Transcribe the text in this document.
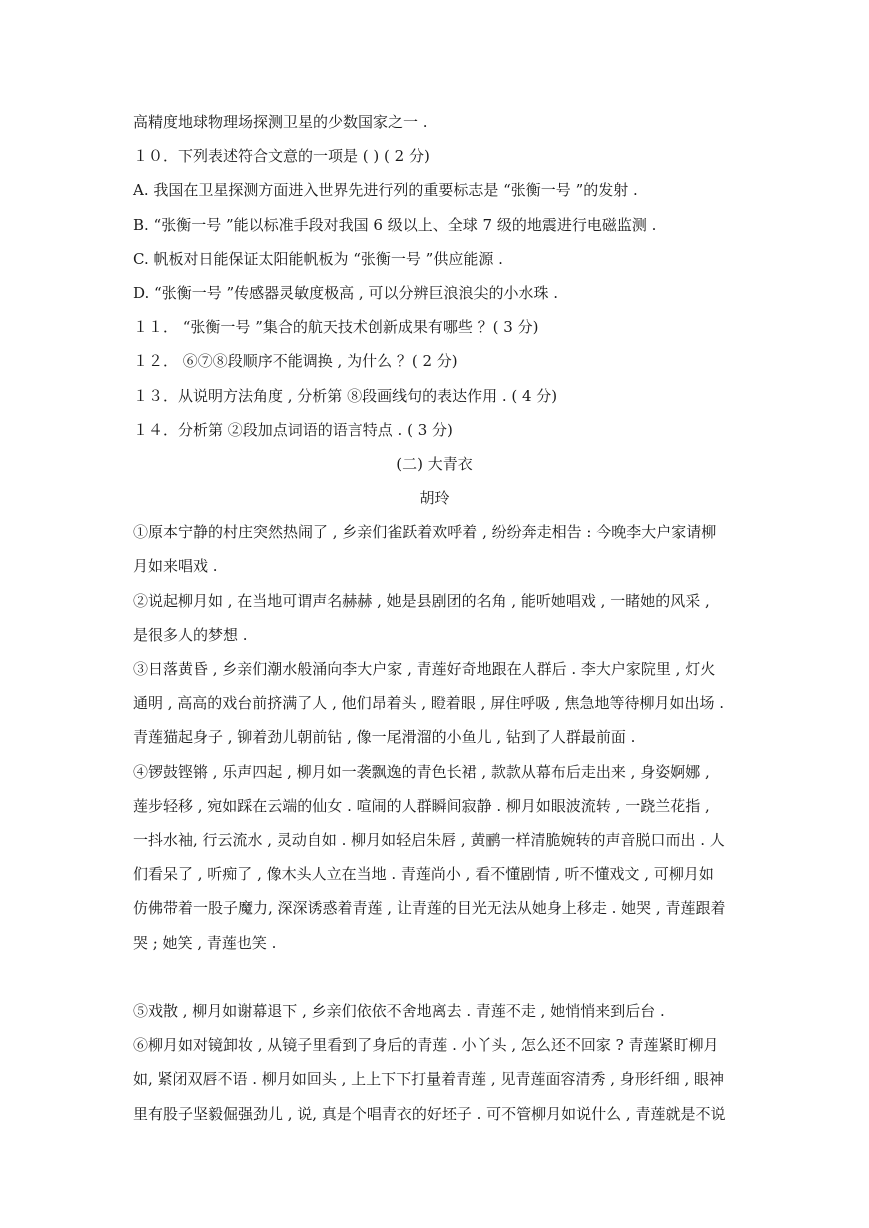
高精度地球物理场探测卫星的少数国家之一 .
１０．下列表述符合文意的一项是 ( ) ( 2 分)
A. 我国在卫星探测方面进入世界先进行列的重要标志是 “张衡一号 ”的发射 .
B. “张衡一号 ”能以标准手段对我国 6 级以上、全球 7 级的地震进行电磁监测 .
C. 帆板对日能保证太阳能帆板为 “张衡一号 ”供应能源 .
D. “张衡一号 ”传感器灵敏度极高 , 可以分辨巨浪浪尖的小水珠 .
１１． “张衡一号 ”集合的航天技术创新成果有哪些 ？( 3 分)
１２． ⑥⑦⑧段顺序不能调换 , 为什么 ？( 2 分)
１３．从说明方法角度 , 分析第 ⑧段画线句的表达作用 . ( 4 分)
１４．分析第 ②段加点词语的语言特点 . ( 3 分)
(二) 大青衣
胡玲
①原本宁静的村庄突然热闹了 , 乡亲们雀跃着欢呼着 , 纷纷奔走相告 : 今晚李大户家请柳
月如来唱戏 .
②说起柳月如 , 在当地可谓声名赫赫 , 她是县剧团的名角 , 能听她唱戏 , 一睹她的风采 ,
是很多人的梦想 .
③日落黄昏 , 乡亲们潮水般涌向李大户家 , 青莲好奇地跟在人群后 . 李大户家院里 , 灯火
通明 , 高高的戏台前挤满了人 , 他们昂着头 , 瞪着眼 , 屏住呼吸 , 焦急地等待柳月如出场 .
青莲猫起身子 , 铆着劲儿朝前钻 , 像一尾滑溜的小鱼儿 , 钻到了人群最前面 .
④锣鼓铿锵 , 乐声四起 , 柳月如一袭飘逸的青色长裙 , 款款从幕布后走出来 , 身姿婀娜 ,
莲步轻移 , 宛如踩在云端的仙女 . 喧闹的人群瞬间寂静 . 柳月如眼波流转 , 一跷兰花指 ,
一抖水袖, 行云流水 , 灵动自如 . 柳月如轻启朱唇 , 黄鹂一样清脆婉转的声音脱口而出 . 人
们看呆了 , 听痴了 , 像木头人立在当地 . 青莲尚小 , 看不懂剧情 , 听不懂戏文 , 可柳月如
仿佛带着一股子魔力, 深深诱惑着青莲 , 让青莲的目光无法从她身上移走 . 她哭 , 青莲跟着
哭 ; 她笑 , 青莲也笑 .
⑤戏散 , 柳月如谢幕退下 , 乡亲们依依不舍地离去 . 青莲不走 , 她悄悄来到后台 .
⑥柳月如对镜卸妆 , 从镜子里看到了身后的青莲 . 小丫头 , 怎么还不回家 ? 青莲紧盯柳月
如, 紧闭双唇不语 . 柳月如回头 , 上上下下打量着青莲 , 见青莲面容清秀 , 身形纤细 , 眼神
里有股子坚毅倔强劲儿 , 说, 真是个唱青衣的好坯子 . 可不管柳月如说什么 , 青莲就是不说
